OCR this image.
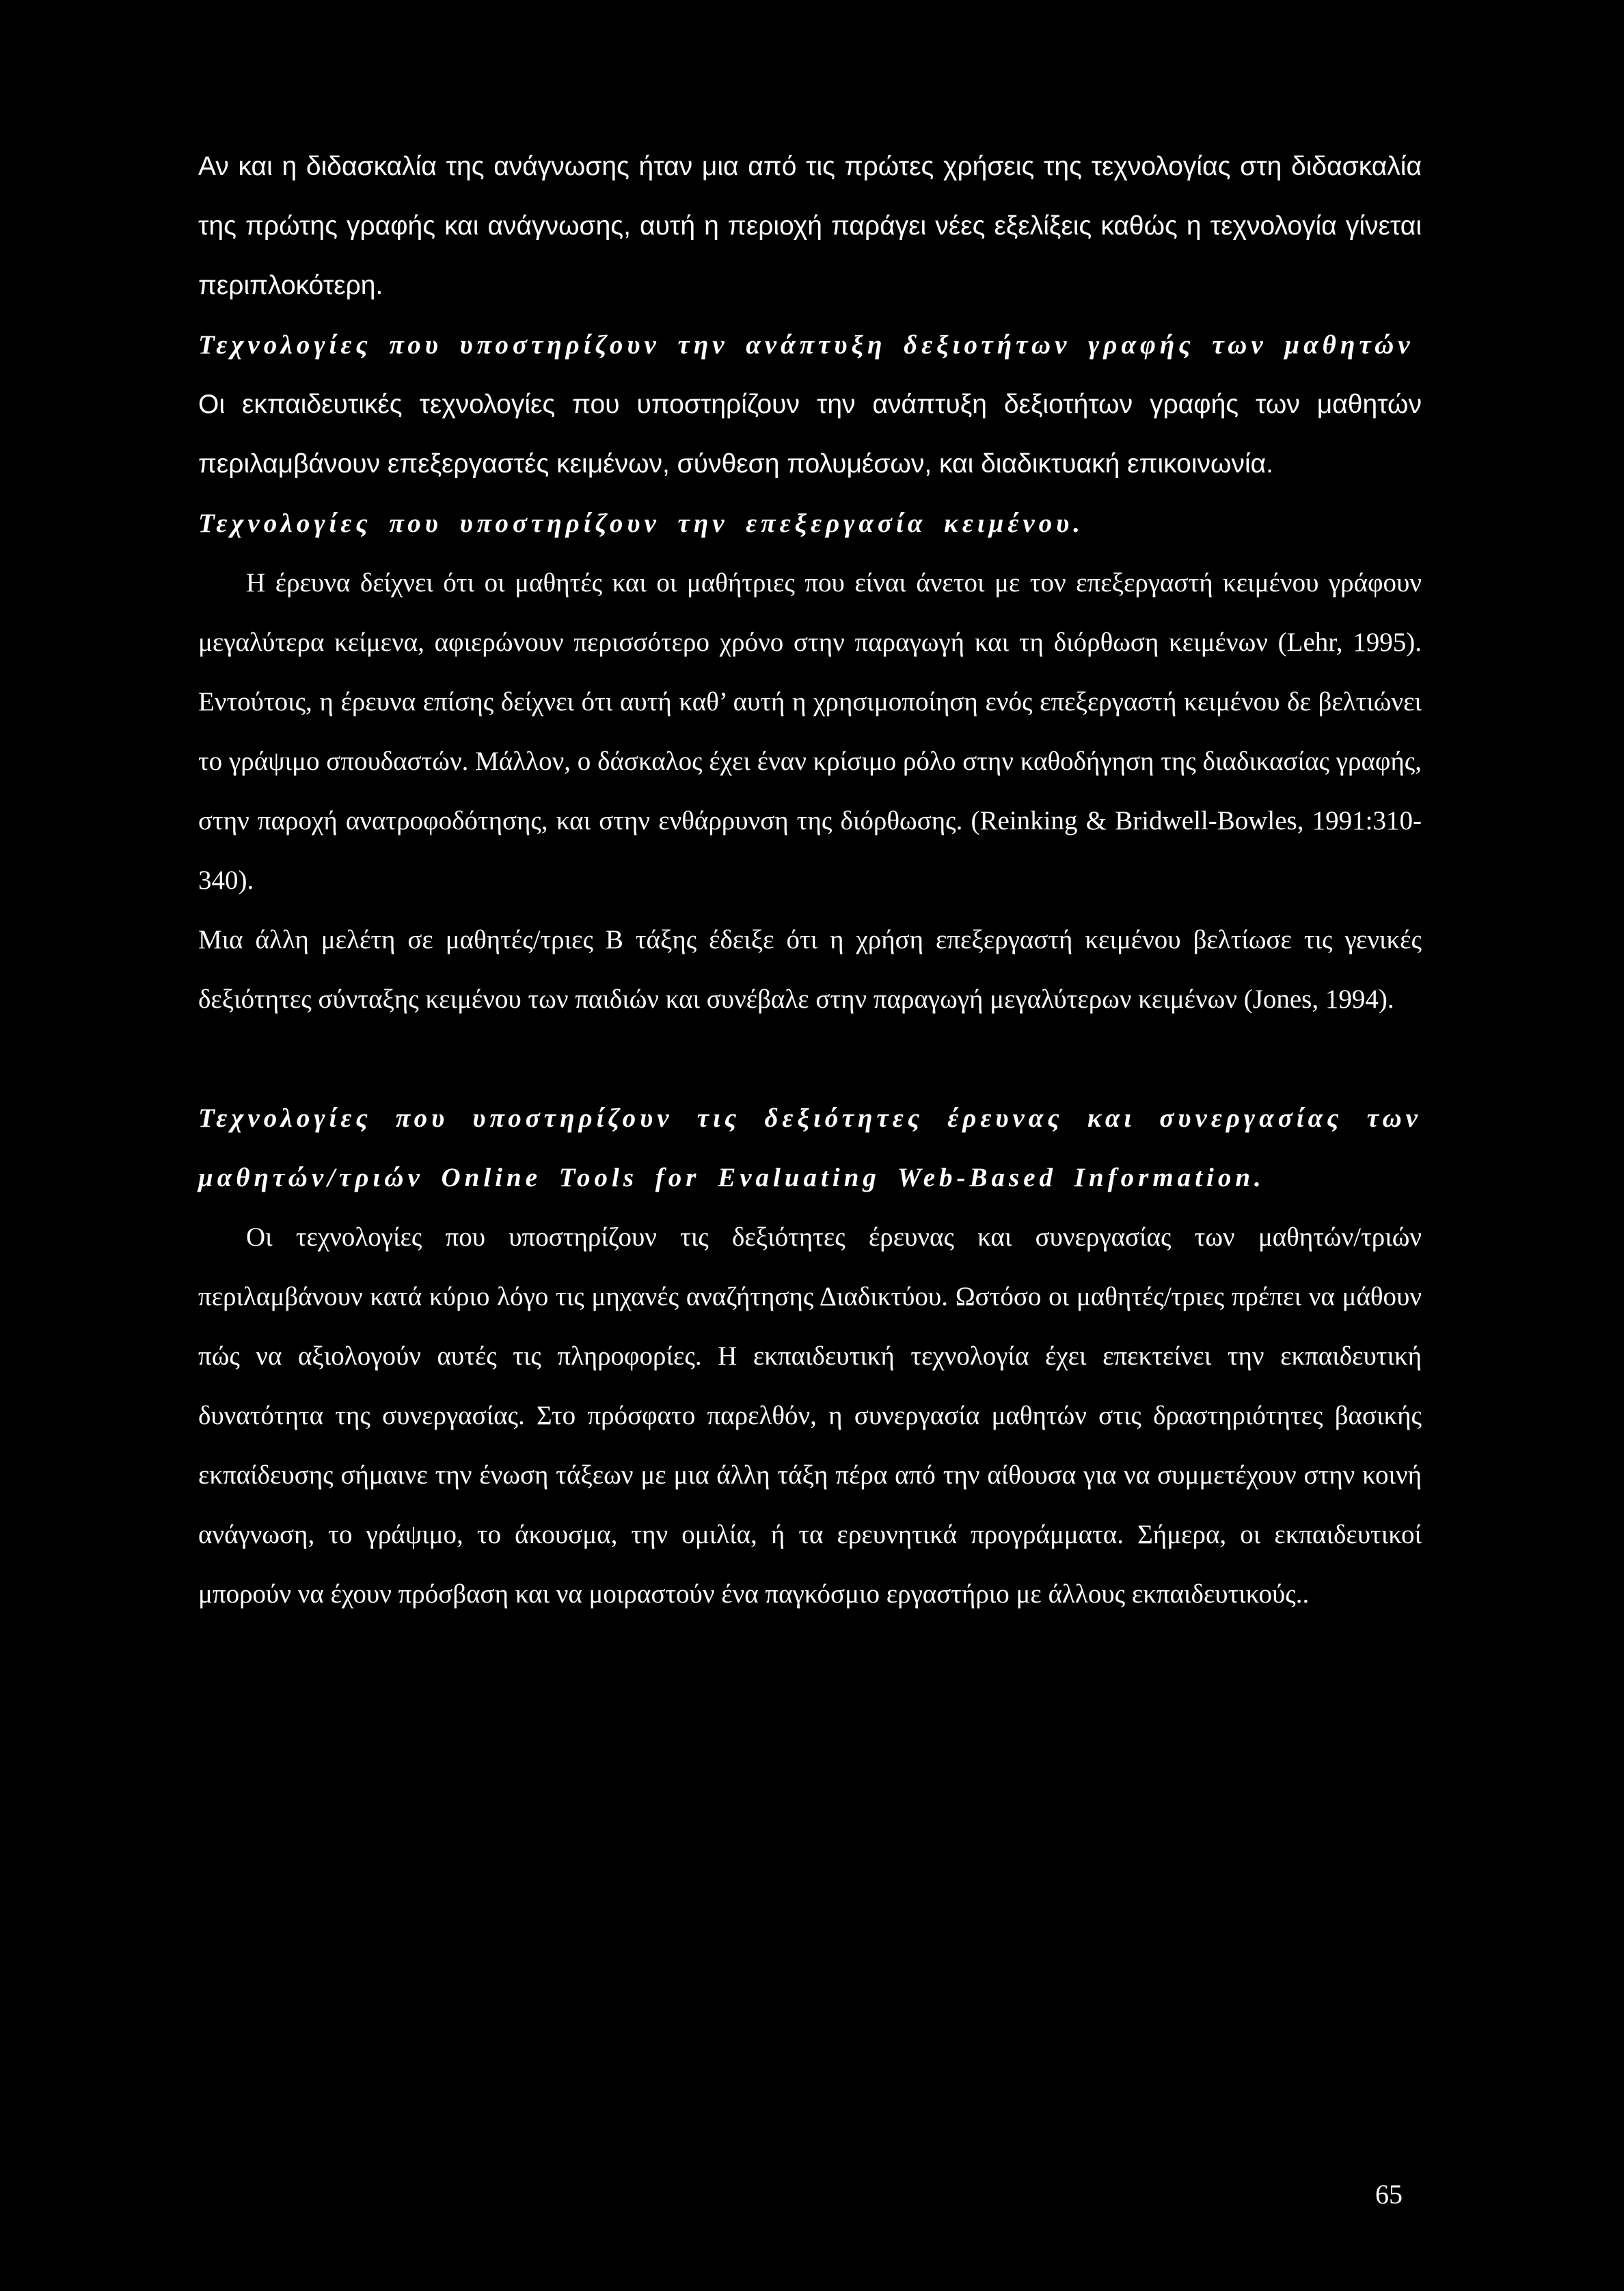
Αν και η διδασκαλία της ανάγνωσης ήταν μια από τις πρώτες χρήσεις της τεχνολογίας στη διδασκαλία της πρώτης γραφής και ανάγνωσης, αυτή η περιοχή παράγει νέες εξελίξεις καθώς η τεχνολογία γίνεται περιπλοκότερη.

Τεχνολογίες που υποστηρίζουν την ανάπτυξη δεξιοτήτων γραφής των μαθητών

Οι εκπαιδευτικές τεχνολογίες που υποστηρίζουν την ανάπτυξη δεξιοτήτων γραφής των μαθητών περιλαμβάνουν επεξεργαστές κειμένων, σύνθεση πολυμέσων, και διαδικτυακή επικοινωνία.

Τεχνολογίες που υποστηρίζουν την επεξεργασία κειμένου.

Η έρευνα δείχνει ότι οι μαθητές και οι μαθήτριες που είναι άνετοι με τον επεξεργαστή κειμένου γράφουν μεγαλύτερα κείμενα, αφιερώνουν περισσότερο χρόνο στην παραγωγή και τη διόρθωση κειμένων (Lehr, 1995). Εντούτοις, η έρευνα επίσης δείχνει ότι αυτή καθ’ αυτή η χρησιμοποίηση ενός επεξεργαστή κειμένου δε βελτιώνει το γράψιμο σπουδαστών. Μάλλον, ο δάσκαλος έχει έναν κρίσιμο ρόλο στην καθοδήγηση της διαδικασίας γραφής, στην παροχή ανατροφοδότησης, και στην ενθάρρυνση της διόρθωσης. (Reinking & Bridwell-Bowles, 1991:310-340).

Μια άλλη μελέτη σε μαθητές/τριες Β τάξης έδειξε ότι η χρήση επεξεργαστή κειμένου βελτίωσε τις γενικές δεξιότητες σύνταξης κειμένου των παιδιών και συνέβαλε στην παραγωγή μεγαλύτερων κειμένων (Jones, 1994).

Τεχνολογίες που υποστηρίζουν τις δεξιότητες έρευνας και συνεργασίας των μαθητών/τριών Online Tools for Evaluating Web-Based Information.

Οι τεχνολογίες που υποστηρίζουν τις δεξιότητες έρευνας και συνεργασίας των μαθητών/τριών περιλαμβάνουν κατά κύριο λόγο τις μηχανές αναζήτησης Διαδικτύου. Ωστόσο οι μαθητές/τριες πρέπει να μάθουν πώς να αξιολογούν αυτές τις πληροφορίες. Η εκπαιδευτική τεχνολογία έχει επεκτείνει την εκπαιδευτική δυνατότητα της συνεργασίας. Στο πρόσφατο παρελθόν, η συνεργασία μαθητών στις δραστηριότητες βασικής εκπαίδευσης σήμαινε την ένωση τάξεων με μια άλλη τάξη πέρα από την αίθουσα για να συμμετέχουν στην κοινή ανάγνωση, το γράψιμο, το άκουσμα, την ομιλία, ή τα ερευνητικά προγράμματα. Σήμερα, οι εκπαιδευτικοί μπορούν να έχουν πρόσβαση και να μοιραστούν ένα παγκόσμιο εργαστήριο με άλλους εκπαιδευτικούς..

65
